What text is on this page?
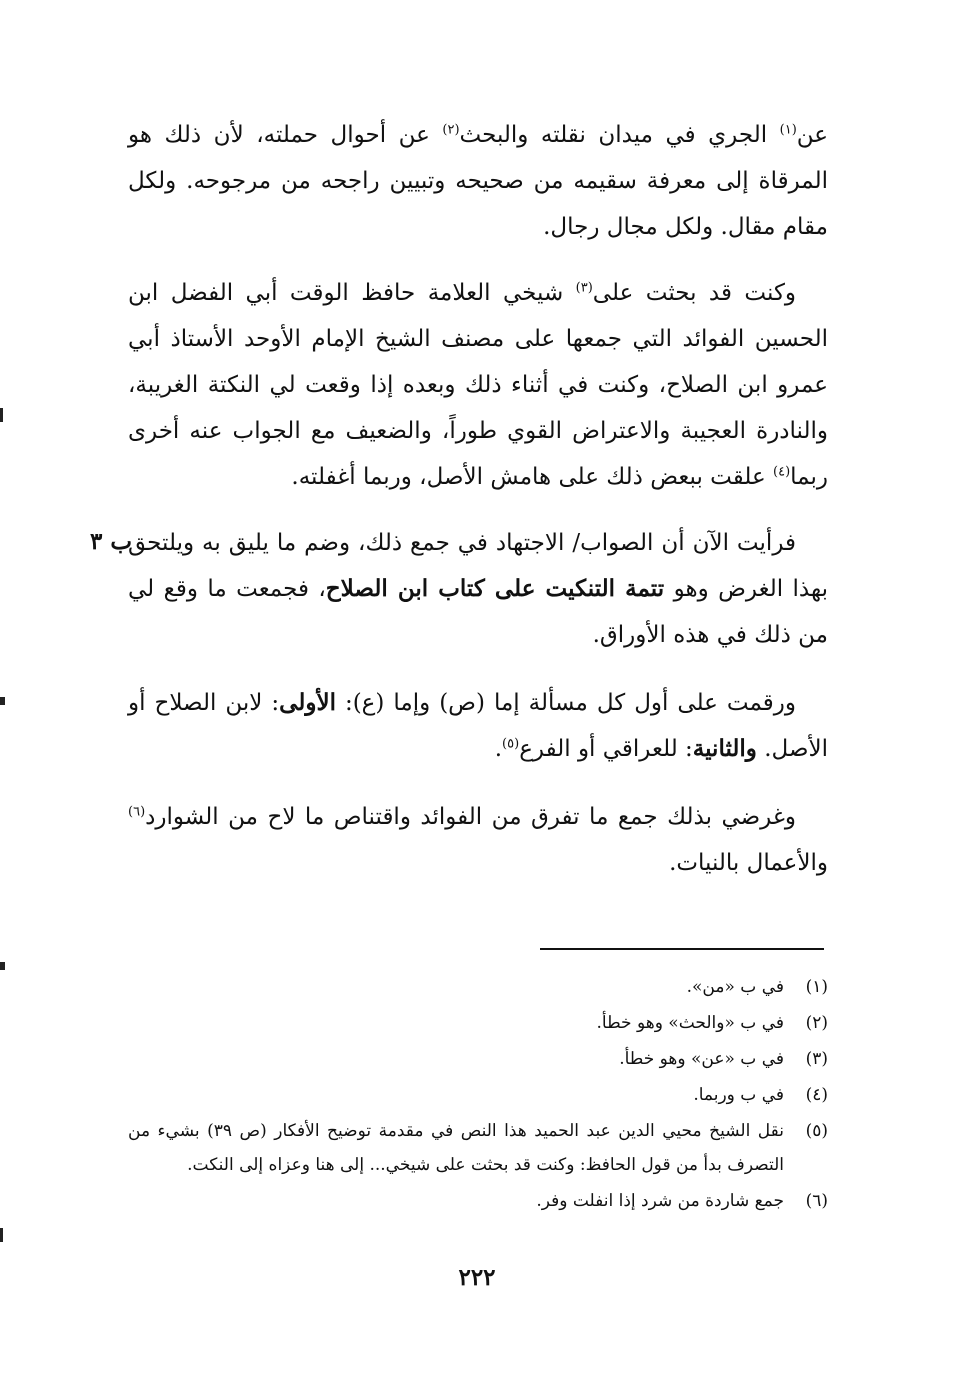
عن$^{(١)}$ الجري في ميدان نقلته والبحث$^{(٢)}$ عن أحوال حملته، لأن ذلك هو المرقاة إلى معرفة سقيمه من صحيحه وتبيين راجحه من مرجوحه. ولكل مقام مقال. ولكل مجال رجال.

وكنت قد بحثت على$^{(٣)}$ شيخي العلامة حافظ الوقت أبي الفضل ابن الحسين الفوائد التي جمعها على مصنف الشيخ الإمام الأوحد الأستاذ أبي عمرو ابن الصلاح، وكنت في أثناء ذلك وبعده إذا وقعت لي النكتة الغريبة، والنادرة العجيبة والاعتراض القوي طوراً، والضعيف مع الجواب عنه أخرى ربما$^{(٤)}$ علقت ببعض ذلك على هامش الأصل، وربما أغفلته.

فرأيت الآن أن الصواب/ الاجتهاد في جمع ذلك، وضم ما يليق به ويلتحق بهذا الغرض وهو تتمة التنكيت على كتاب ابن الصلاح، فجمعت ما وقع لي من ذلك في هذه الأوراق.

ب ٣

ورقمت على أول كل مسألة إما (ص) وإما (ع): الأولى: لابن الصلاح أو الأصل. والثانية: للعراقي أو الفرع$^{(٥)}$.

وغرضي بذلك جمع ما تفرق من الفوائد واقتناص ما لاح من الشوارد$^{(٦)}$ والأعمال بالنيات.

(١)
في ب «من».
(٢)
في ب «والحث» وهو خطأ.
(٣)
في ب «عن» وهو خطأ.
(٤)
في ب وربما.
(٥)
نقل الشيخ محيي الدين عبد الحميد هذا النص في مقدمة توضيح الأفكار (ص ٣٩) بشيء من التصرف بدأ من قول الحافظ: وكنت قد بحثت على شيخي... إلى هنا وعزاه إلى النكت.
(٦)
جمع شاردة من شرد إذا انفلت وفر.
٢٢٢
